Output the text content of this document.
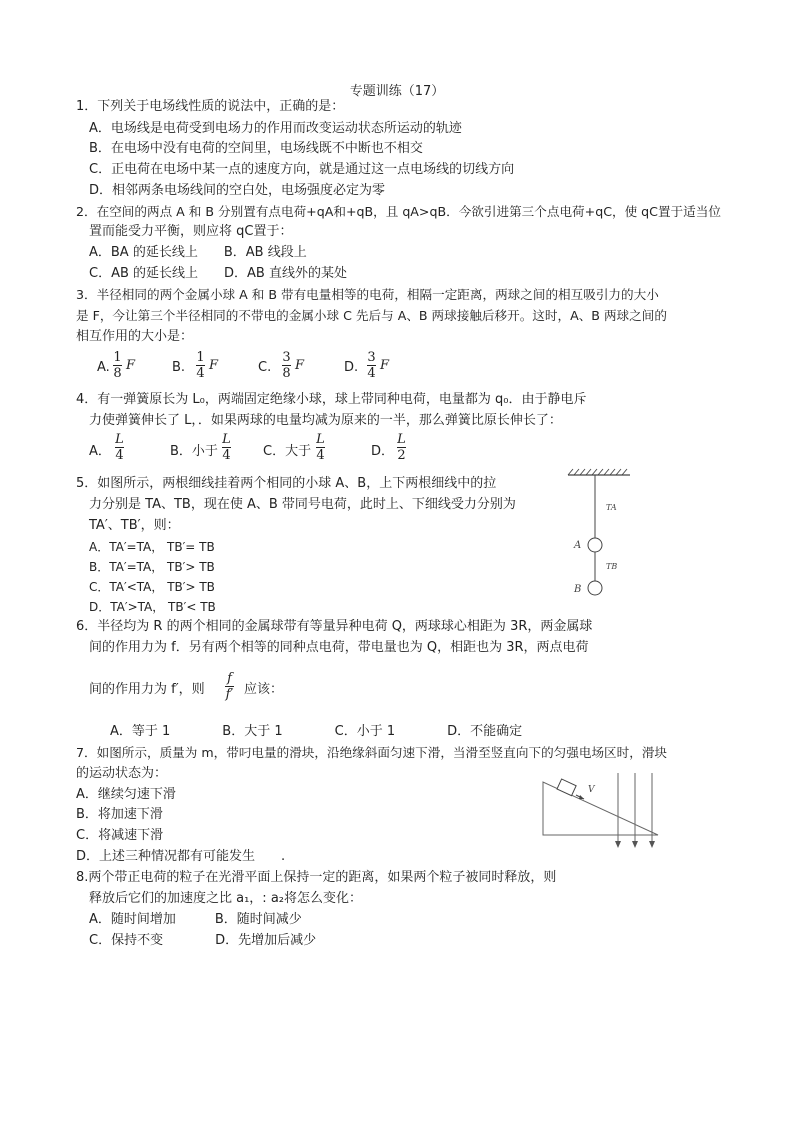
专题训练（17）
1．下列关于电场线性质的说法中，正确的是：
A．电场线是电荷受到电场力的作用而改变运动状态所运动的轨迹
B．在电场中没有电荷的空间里，电场线既不中断也不相交
C．正电荷在电场中某一点的速度方向，就是通过这一点电场线的切线方向
D．相邻两条电场线间的空白处，电场强度必定为零
2．在空间的两点 A 和 B 分别置有点电荷+qA和+qB，且 qA>qB．今欲引进第三个点电荷+qC，使 qC置于适当位
置而能受力平衡，则应将 qC置于：
A．BA 的延长线上　　B．AB 线段上
C．AB 的延长线上　　D．AB 直线外的某处
3．半径相同的两个金属小球 A 和 B 带有电量相等的电荷，相隔一定距离，两球之间的相互吸引力的大小
是 F，今让第三个半径相同的不带电的金属小球 C 先后与 A、B 两球接触后移开。这时，A、B 两球之间的
相互作用的大小是：
A.
1
8
F	B.
1
4
F	C.
3
8
F	D.
3
4
F
4．有一弹簧原长为 L₀，两端固定绝缘小球，球上带同种电荷，电量都为 q₀．由于静电斥
力使弹簧伸长了 L，．如果两球的电量均减为原来的一半，那么弹簧比原长伸长了：
A．
L
4	B．小于
L
4 C．大于
L
4	D．
L
2
5．如图所示，两根细线挂着两个相同的小球 A、B，上下两根细线中的拉
力分别是 TA、TB，现在使 A、B 带同号电荷，此时上、下细线受力分别为
TA′、TB′，则：
A．TA′=TA， TB′= TB
B．TA′=TA， TB′> TB
C．TA′<TA， TB′> TB
D．TA′>TA， TB′< TB
TA
TB
A
B
6．半径均为 R 的两个相同的金属球带有等量异种电荷 Q，两球球心相距为 3R，两金属球
间的作用力为 f．另有两个相等的同种点电荷，带电量也为 Q，相距也为 3R，两点电荷
间的作用力为 f′，则
f
f′ 应该：
A．等于 1　　　　B．大于 1　　　　C．小于 1　　　　D．不能确定
7．如图所示，质量为 m，带叼电量的滑块，沿绝缘斜面匀速下滑，当滑至竖直向下的匀强电场区时，滑块
的运动状态为：
A．继续匀速下滑
B．将加速下滑
C．将减速下滑
D．上述三种情况都有可能发生　　.
V
8.两个带正电荷的粒子在光滑平面上保持一定的距离，如果两个粒子被同时释放，则
释放后它们的加速度之比 a₁，: a₂将怎么变化：
A．随时间增加　　　B．随时间减少
C．保持不变　　　　D．先增加后减少
